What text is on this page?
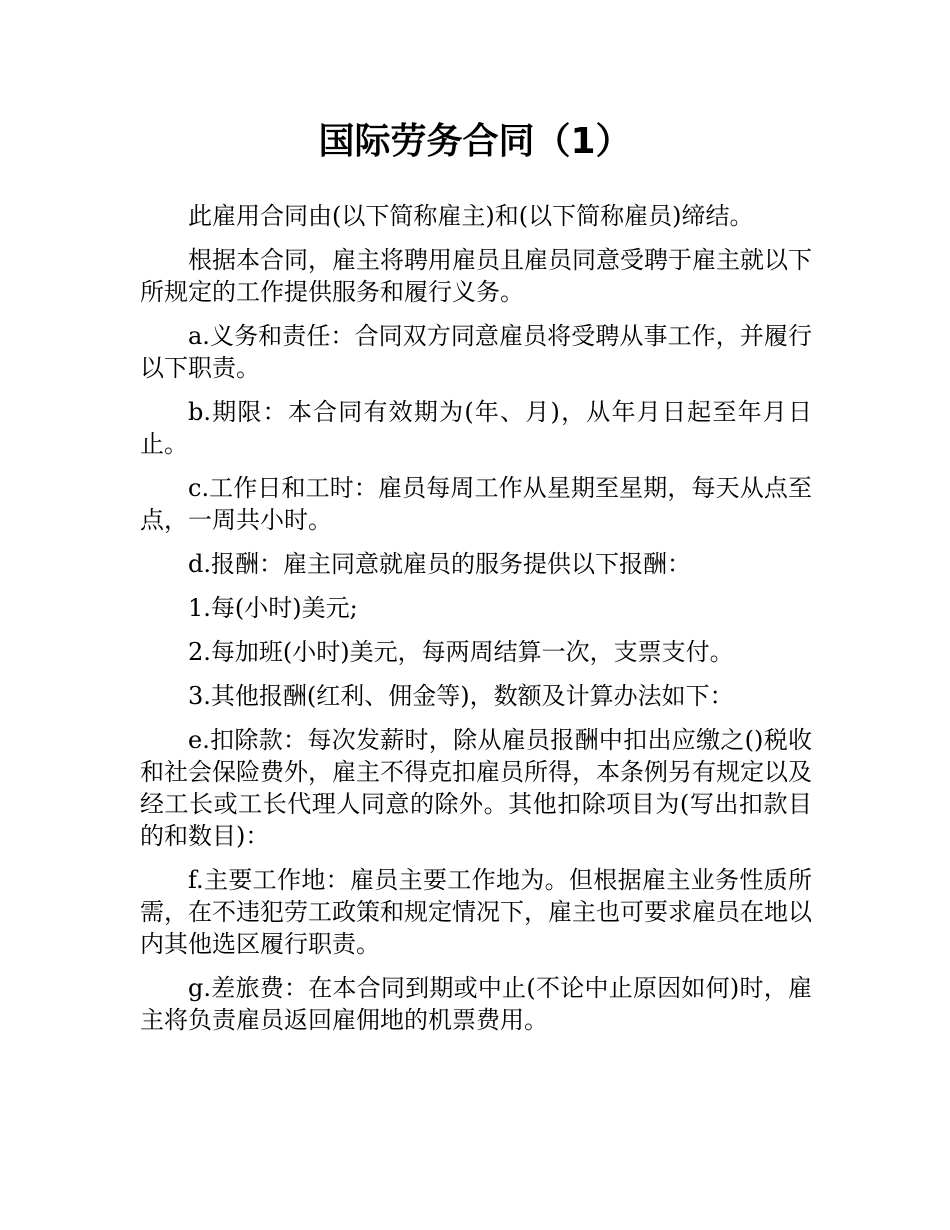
国际劳务合同（1）

此雇用合同由(以下简称雇主)和(以下简称雇员)缔结。

根据本合同，雇主将聘用雇员且雇员同意受聘于雇主就以下所规定的工作提供服务和履行义务。

a.义务和责任：合同双方同意雇员将受聘从事工作，并履行以下职责。

b.期限：本合同有效期为(年、月)，从年月日起至年月日止。

c.工作日和工时：雇员每周工作从星期至星期，每天从点至点，一周共小时。

d.报酬：雇主同意就雇员的服务提供以下报酬：

1.每(小时)美元;

2.每加班(小时)美元，每两周结算一次，支票支付。

3.其他报酬(红利、佣金等)，数额及计算办法如下：

e.扣除款：每次发薪时，除从雇员报酬中扣出应缴之()税收和社会保险费外，雇主不得克扣雇员所得，本条例另有规定以及经工长或工长代理人同意的除外。其他扣除项目为(写出扣款目的和数目)：

f.主要工作地：雇员主要工作地为。但根据雇主业务性质所需，在不违犯劳工政策和规定情况下，雇主也可要求雇员在地以内其他选区履行职责。

g.差旅费：在本合同到期或中止(不论中止原因如何)时，雇主将负责雇员返回雇佣地的机票费用。
